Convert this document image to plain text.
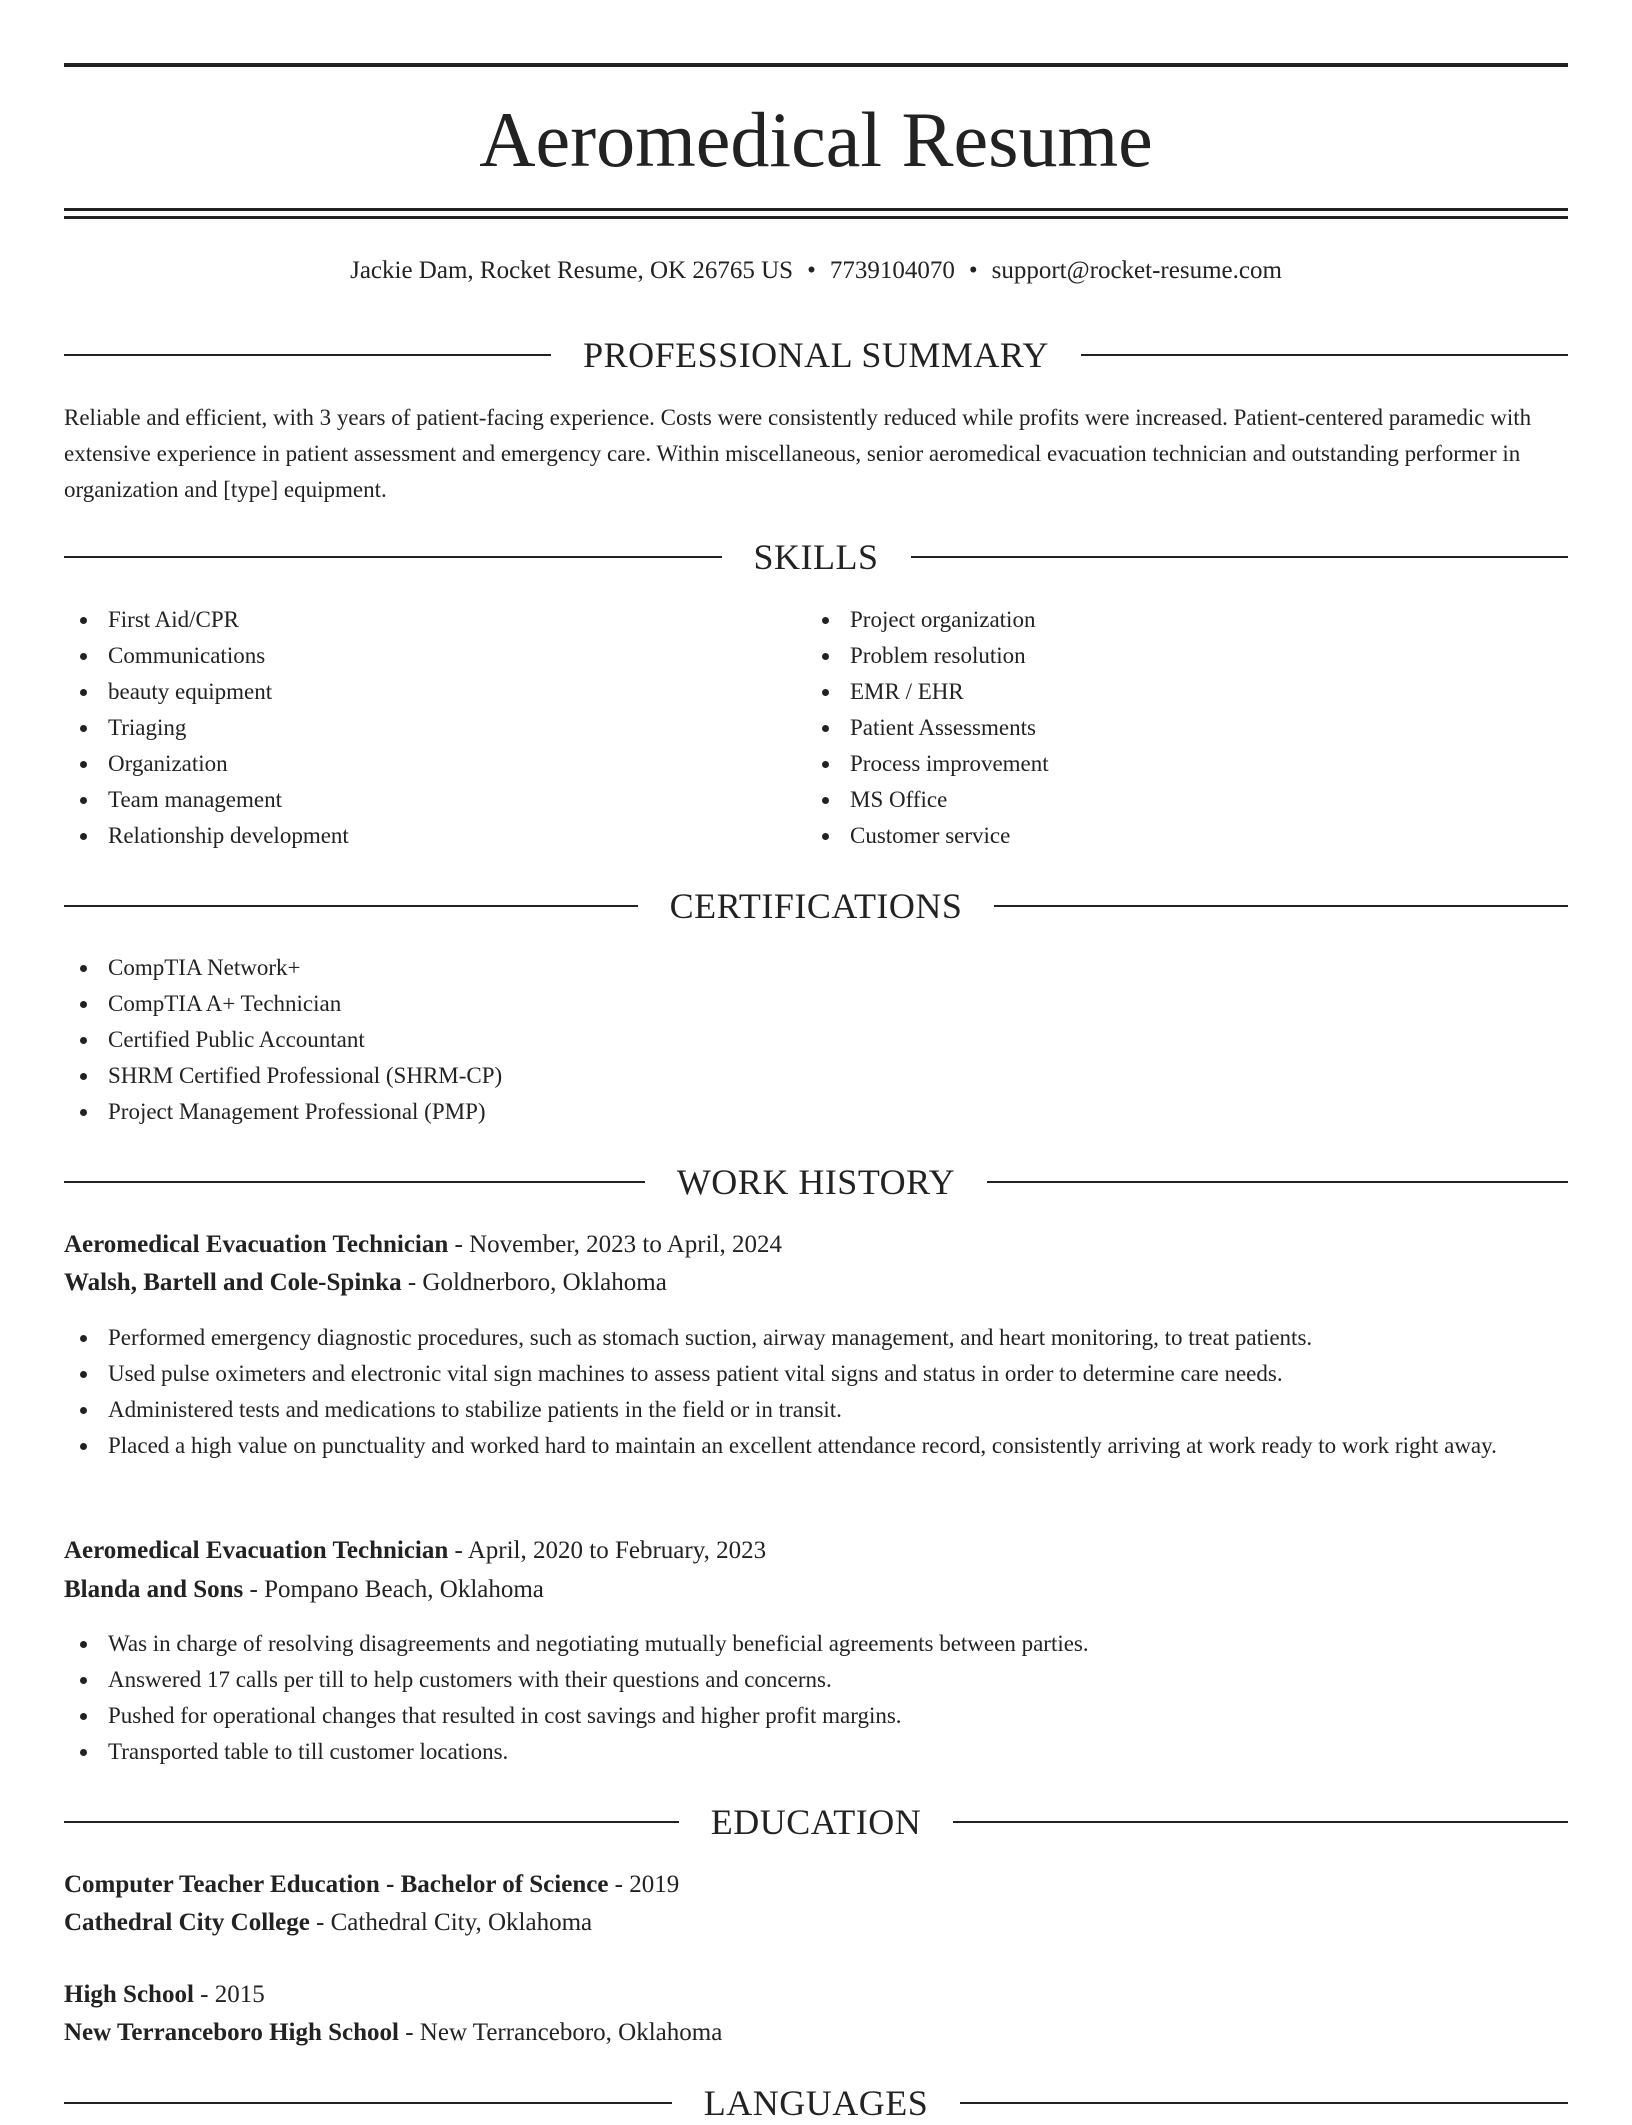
Aeromedical Resume
Jackie Dam, Rocket Resume, OK 26765 US • 7739104070 • support@rocket-resume.com
PROFESSIONAL SUMMARY
Reliable and efficient, with 3 years of patient-facing experience. Costs were consistently reduced while profits were increased. Patient-centered paramedic with extensive experience in patient assessment and emergency care. Within miscellaneous, senior aeromedical evacuation technician and outstanding performer in organization and [type] equipment.
SKILLS
First Aid/CPR
Communications
beauty equipment
Triaging
Organization
Team management
Relationship development
Project organization
Problem resolution
EMR / EHR
Patient Assessments
Process improvement
MS Office
Customer service
CERTIFICATIONS
CompTIA Network+
CompTIA A+ Technician
Certified Public Accountant
SHRM Certified Professional (SHRM-CP)
Project Management Professional (PMP)
WORK HISTORY
Aeromedical Evacuation Technician - November, 2023 to April, 2024
Walsh, Bartell and Cole-Spinka - Goldnerboro, Oklahoma
Performed emergency diagnostic procedures, such as stomach suction, airway management, and heart monitoring, to treat patients.
Used pulse oximeters and electronic vital sign machines to assess patient vital signs and status in order to determine care needs.
Administered tests and medications to stabilize patients in the field or in transit.
Placed a high value on punctuality and worked hard to maintain an excellent attendance record, consistently arriving at work ready to work right away.
Aeromedical Evacuation Technician - April, 2020 to February, 2023
Blanda and Sons - Pompano Beach, Oklahoma
Was in charge of resolving disagreements and negotiating mutually beneficial agreements between parties.
Answered 17 calls per till to help customers with their questions and concerns.
Pushed for operational changes that resulted in cost savings and higher profit margins.
Transported table to till customer locations.
EDUCATION
Computer Teacher Education - Bachelor of Science - 2019
Cathedral City College - Cathedral City, Oklahoma
High School - 2015
New Terranceboro High School - New Terranceboro, Oklahoma
LANGUAGES
